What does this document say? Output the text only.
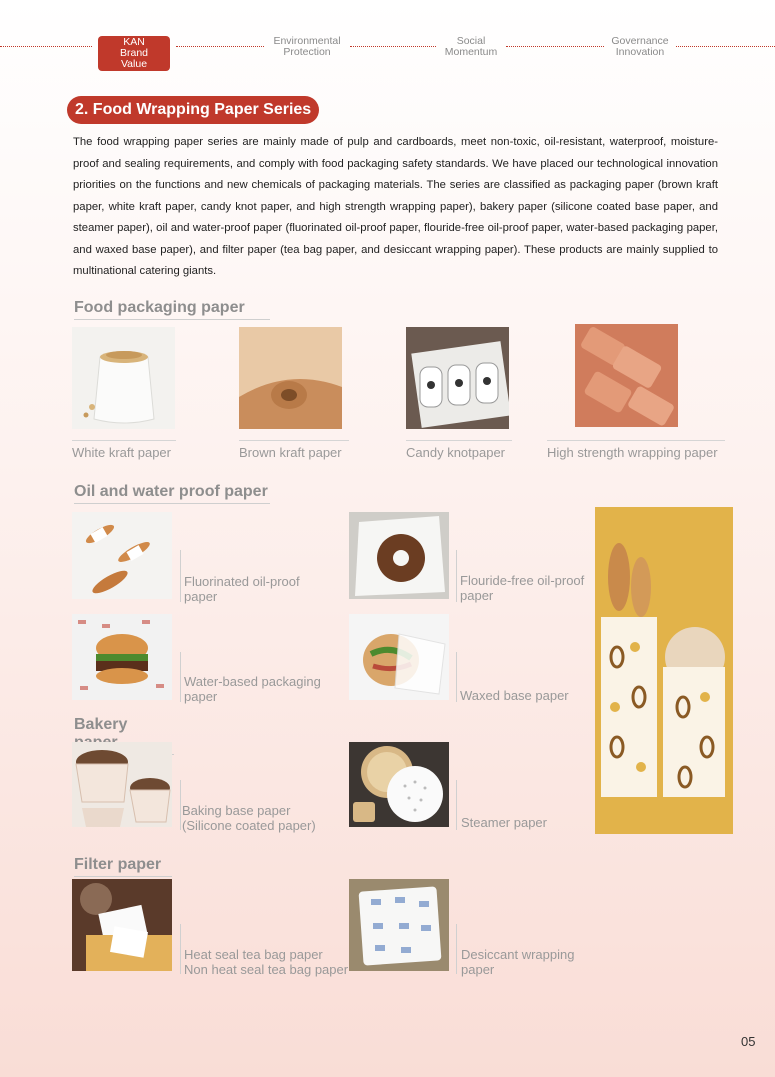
KAN Brand
Value
Environmental
Protection
Social
Momentum
Governance
Innovation
2. Food Wrapping Paper Series

The food wrapping paper series are mainly made of pulp and cardboards, meet non-toxic, oil-resistant, waterproof, moisture-proof and sealing requirements, and comply with food packaging safety standards. We have placed our technological innovation priorities on the functions and new chemicals of packaging materials. The series are classified as packaging paper (brown kraft paper, white kraft paper, candy knot paper, and high strength wrapping paper), bakery paper (silicone coated base paper, and steamer paper), oil and water-proof paper (fluorinated oil-proof paper, flouride-free oil-proof paper, water-based packaging paper, and waxed base paper), and filter paper (tea bag paper, and desiccant wrapping paper). These products are mainly supplied to multinational catering giants.

Food packaging paper
White kraft paper	Brown kraft paper	Candy knotpaper	High strength wrapping paper
Oil and water proof paper
Fluorinated oil-proof
paper
Flouride-free oil-proof
paper
Water-based packaging
paper	Waxed base paper
Bakery
Baking base paper
(Silicone coated paper)	Steamer paper
Filter paper
Heat seal tea bag paper
Non heat seal tea bag paper
Desiccant wrapping
paper
05
